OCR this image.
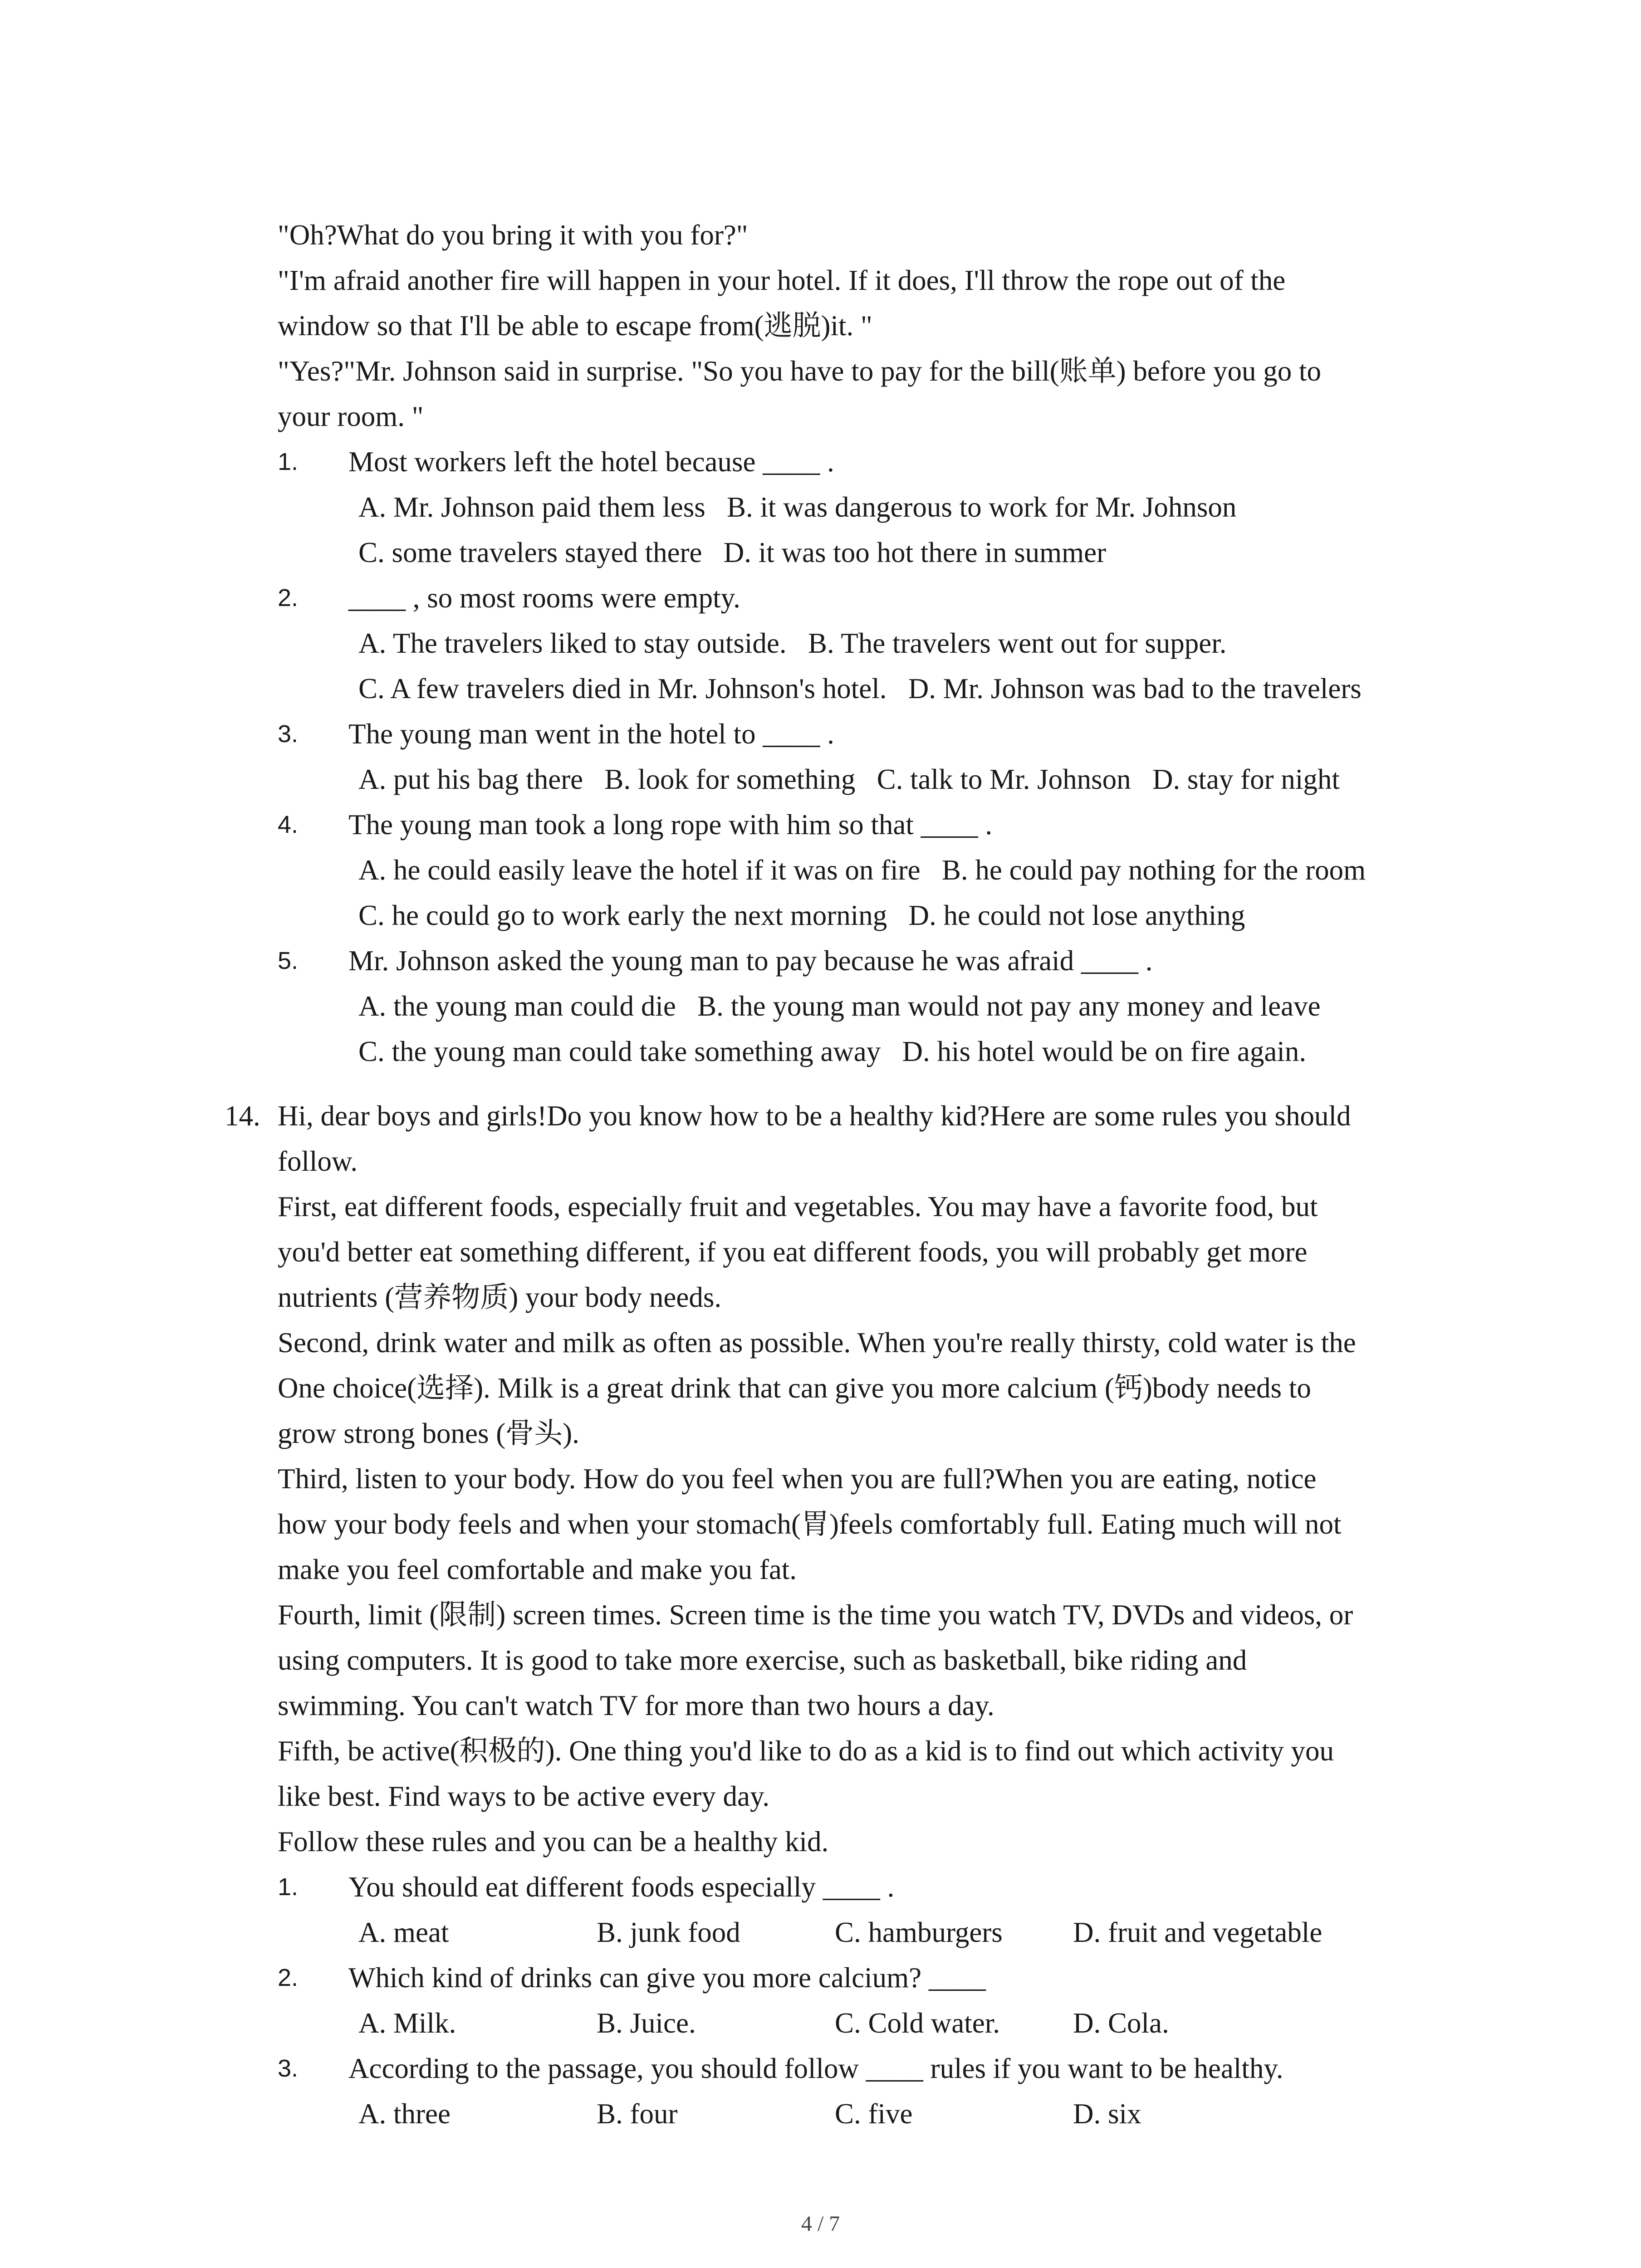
"Oh?What do you bring it with you for?"
"I'm afraid another fire will happen in your hotel. If it does, I'll throw the rope out of the
window so that I'll be able to escape from(逃脱)it. "
"Yes?"Mr. Johnson said in surprise. "So you have to pay for the bill(账单) before you go to
your room. "
1.	Most workers left the hotel because ____ .
A. Mr. Johnson paid them less B. it was dangerous to work for Mr. Johnson
C. some travelers stayed there D. it was too hot there in summer
2.	____ , so most rooms were empty.
A. The travelers liked to stay outside. B. The travelers went out for supper.
C. A few travelers died in Mr. Johnson's hotel. D. Mr. Johnson was bad to the travelers
3.	The young man went in the hotel to ____ .
A. put his bag there B. look for something C. talk to Mr. Johnson D. stay for night
4.	The young man took a long rope with him so that ____ .
A. he could easily leave the hotel if it was on fire B. he could pay nothing for the room
C. he could go to work early the next morning D. he could not lose anything
5.	Mr. Johnson asked the young man to pay because he was afraid ____ .
A. the young man could die B. the young man would not pay any money and leave
C. the young man could take something away D. his hotel would be on fire again.
14. Hi, dear boys and girls!Do you know how to be a healthy kid?Here are some rules you should
follow.
First, eat different foods, especially fruit and vegetables. You may have a favorite food, but
you'd better eat something different, if you eat different foods, you will probably get more
nutrients (营养物质) your body needs.
Second, drink water and milk as often as possible. When you're really thirsty, cold water is the
One choice(选择). Milk is a great drink that can give you more calcium (钙)body needs to
grow strong bones (骨头).
Third, listen to your body. How do you feel when you are full?When you are eating, notice
how your body feels and when your stomach(胃)feels comfortably full. Eating much will not
make you feel comfortable and make you fat.
Fourth, limit (限制) screen times. Screen time is the time you watch TV, DVDs and videos, or
using computers. It is good to take more exercise, such as basketball, bike riding and
swimming. You can't watch TV for more than two hours a day.
Fifth, be active(积极的). One thing you'd like to do as a kid is to find out which activity you
like best. Find ways to be active every day.
Follow these rules and you can be a healthy kid.
1.	You should eat different foods especially ____ .
A. meat	B. junk food	C. hamburgers D. fruit and vegetable
2.	Which kind of drinks can give you more calcium? ____
A. Milk.	B. Juice.	C. Cold water.	D. Cola.
3.	According to the passage, you should follow ____ rules if you want to be healthy.
A. three	B. four	C. five	D. six
4 / 7
